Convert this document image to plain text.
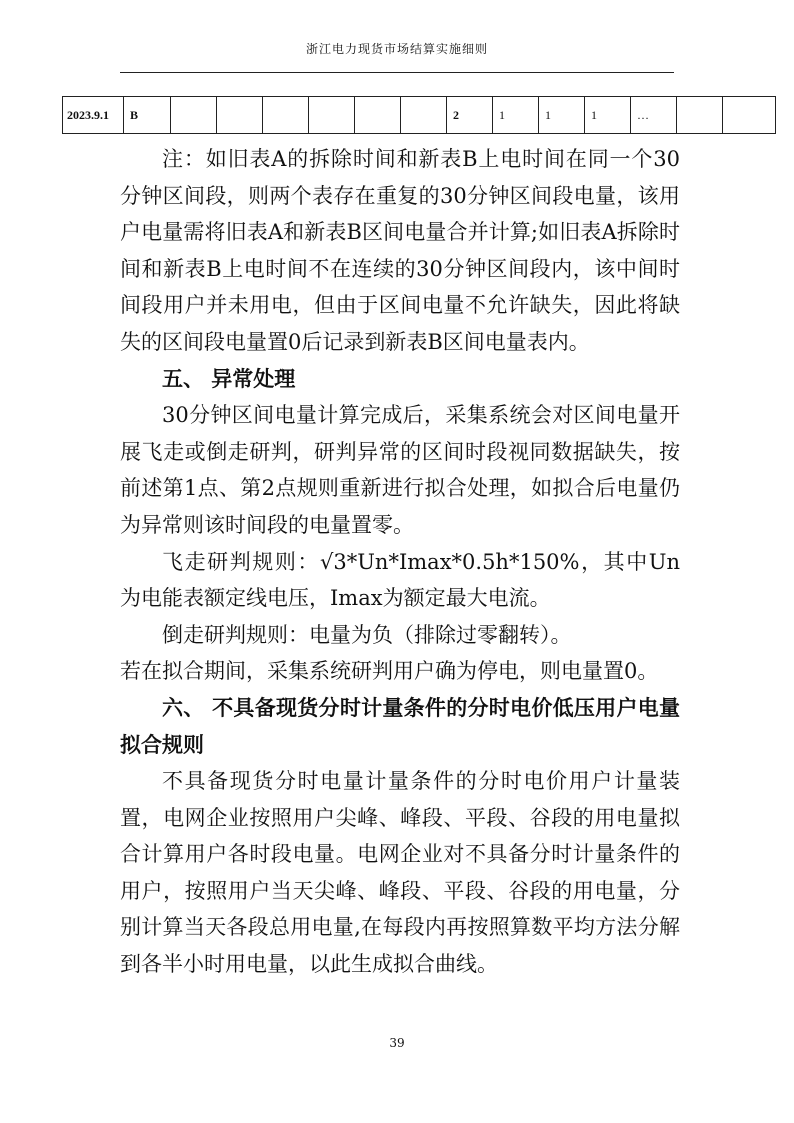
浙江电力现货市场结算实施细则
2023.9.1	B							2	1	1	1	…		

注：如旧表A的拆除时间和新表B上电时间在同一个30分钟区间段，则两个表存在重复的30分钟区间段电量，该用户电量需将旧表A和新表B区间电量合并计算;如旧表A拆除时间和新表B上电时间不在连续的30分钟区间段内，该中间时间段用户并未用电，但由于区间电量不允许缺失，因此将缺失的区间段电量置0后记录到新表B区间电量表内。

五、 异常处理

30分钟区间电量计算完成后，采集系统会对区间电量开展飞走或倒走研判，研判异常的区间时段视同数据缺失，按前述第1点、第2点规则重新进行拟合处理，如拟合后电量仍为异常则该时间段的电量置零。

飞走研判规则：√3*Un*Imax*0.5h*150%，其中Un为电能表额定线电压，Imax为额定最大电流。

倒走研判规则：电量为负（排除过零翻转）。

若在拟合期间，采集系统研判用户确为停电，则电量置0。

六、 不具备现货分时计量条件的分时电价低压用户电量拟合规则

不具备现货分时电量计量条件的分时电价用户计量装置，电网企业按照用户尖峰、峰段、平段、谷段的用电量拟合计算用户各时段电量。电网企业对不具备分时计量条件的用户，按照用户当天尖峰、峰段、平段、谷段的用电量，分别计算当天各段总用电量,在每段内再按照算数平均方法分解到各半小时用电量，以此生成拟合曲线。

39
